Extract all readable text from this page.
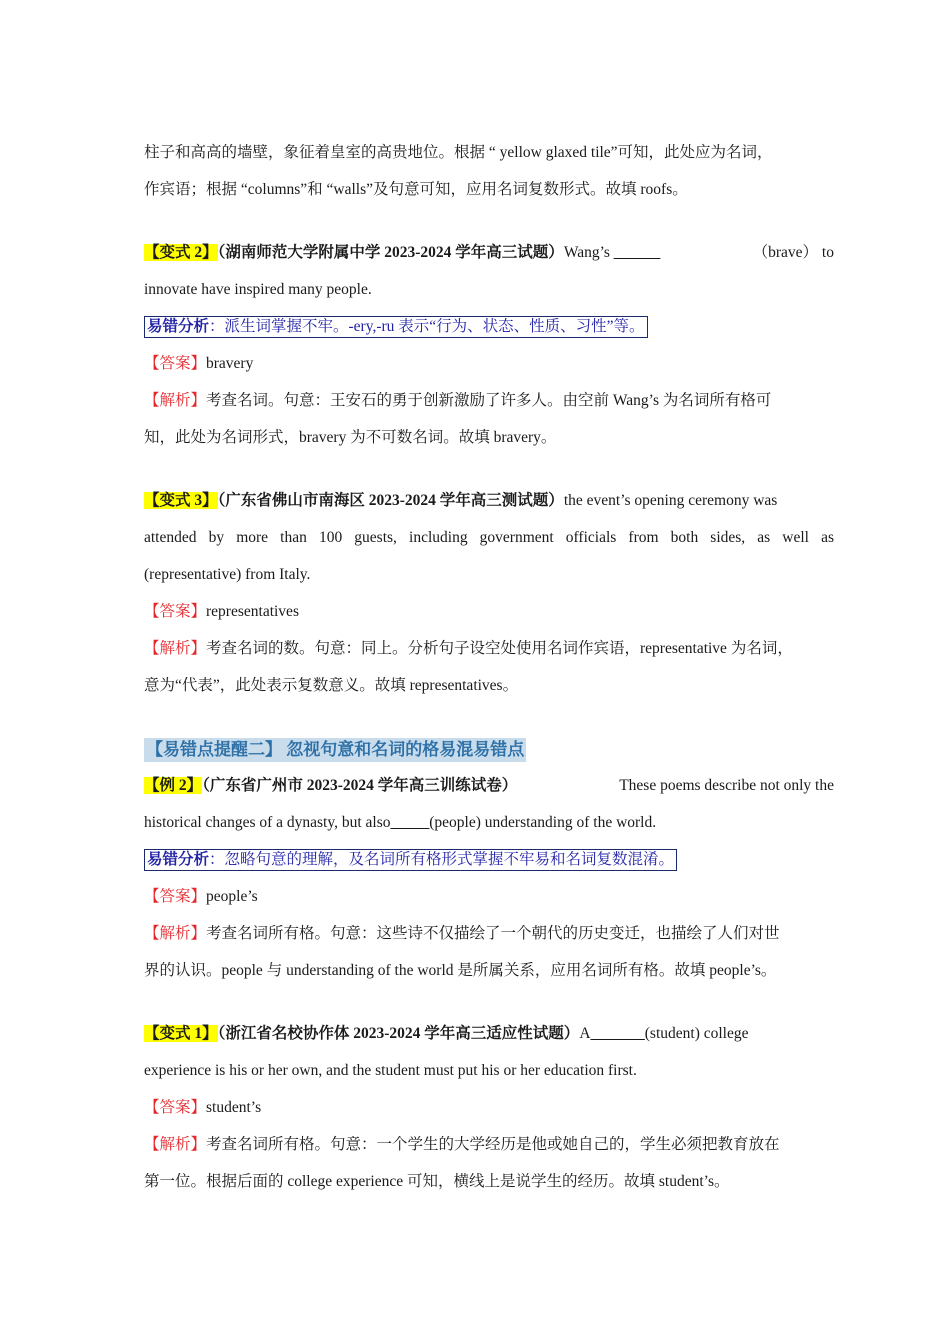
柱子和高高的墙壁，象征着皇室的高贵地位。根据 “ yellow glaxed tile”可知，此处应为名词，
作宾语；根据 “columns”和 “walls”及句意可知，应用名词复数形式。故填 roofs。
【变式 2】（湖南师范大学附属中学 2023-2024 学年高三试题）Wang’s ______	（brave） to
innovate have inspired many people.
易错分析：派生词掌握不牢。-ery,-ru 表示“行为、状态、性质、习性”等。
【答案】bravery
【解析】考查名词。句意：王安石的勇于创新激励了许多人。由空前 Wang’s 为名词所有格可
知，此处为名词形式，bravery 为不可数名词。故填 bravery。
【变式 3】（广东省佛山市南海区 2023-2024 学年高三测试题）the event’s opening ceremony was
attended by more than 100 guests, including government officials from both sides, as well as
(representative) from Italy.
【答案】representatives
【解析】考查名词的数。句意：同上。分析句子设空处使用名词作宾语，representative 为名词，
意为“代表”，此处表示复数意义。故填 representatives。
【易错点提醒二】 忽视句意和名词的格易混易错点
【例 2】（广东省广州市 2023-2024 学年高三训练试卷）	These poems describe not only the
historical changes of a dynasty, but also_____(people) understanding of the world.
易错分析：忽略句意的理解，及名词所有格形式掌握不牢易和名词复数混淆。
【答案】people’s
【解析】考查名词所有格。句意：这些诗不仅描绘了一个朝代的历史变迁，也描绘了人们对世
界的认识。people 与 understanding of the world 是所属关系，应用名词所有格。故填 people’s。
【变式 1】（浙江省名校协作体 2023-2024 学年高三适应性试题）A_______(student) college
experience is his or her own, and the student must put his or her education first.
【答案】student’s
【解析】考查名词所有格。句意：一个学生的大学经历是他或她自己的，学生必须把教育放在
第一位。根据后面的 college experience 可知，横线上是说学生的经历。故填 student’s。
